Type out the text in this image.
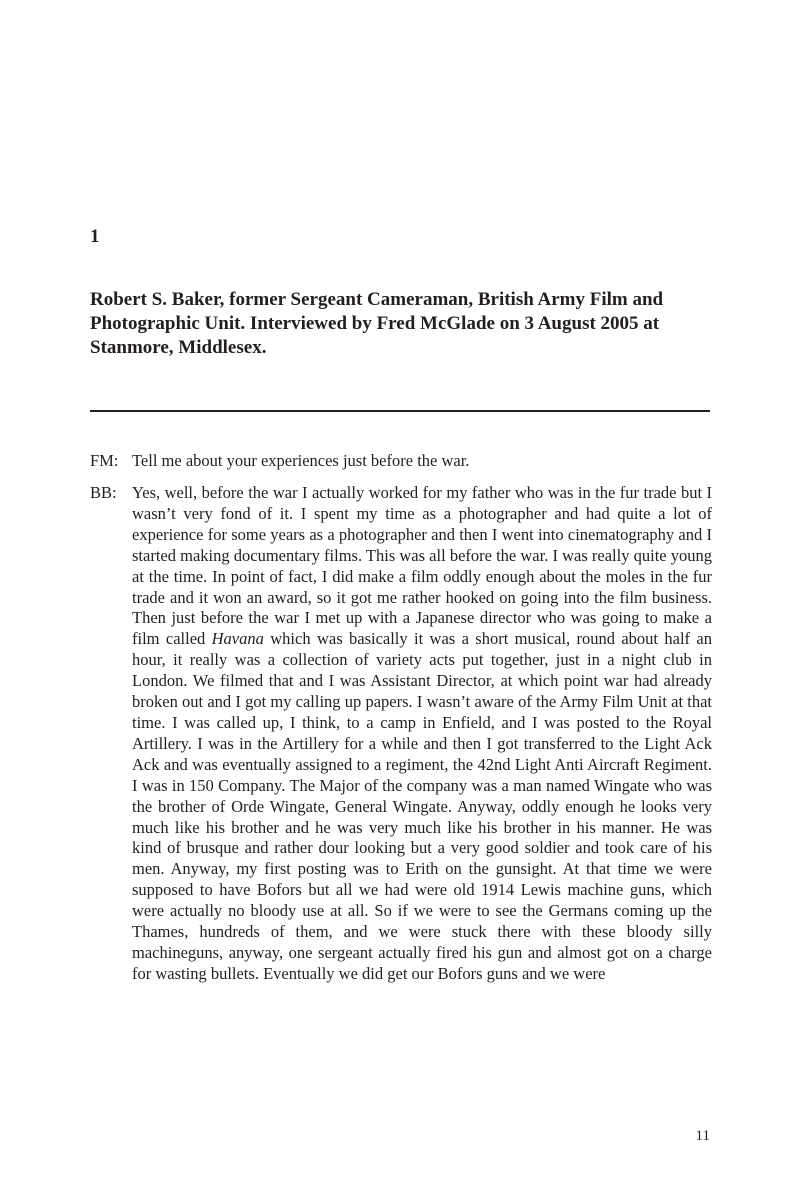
1
Robert S. Baker, former Sergeant Cameraman, British Army Film and Photographic Unit. Interviewed by Fred McGlade on 3 August 2005 at Stanmore, Middlesex.
FM: Tell me about your experiences just before the war.

BB: Yes, well, before the war I actually worked for my father who was in the fur trade but I wasn’t very fond of it. I spent my time as a photographer and had quite a lot of experience for some years as a photographer and then I went into cinematography and I started making documentary films. This was all before the war. I was really quite young at the time. In point of fact, I did make a film oddly enough about the moles in the fur trade and it won an award, so it got me rather hooked on going into the film business. Then just before the war I met up with a Japanese director who was going to make a film called Havana which was basically it was a short musical, round about half an hour, it really was a collection of variety acts put together, just in a night club in London. We filmed that and I was Assistant Director, at which point war had already broken out and I got my calling up papers. I wasn’t aware of the Army Film Unit at that time. I was called up, I think, to a camp in Enfield, and I was posted to the Royal Artillery. I was in the Artillery for a while and then I got transferred to the Light Ack Ack and was eventually assigned to a regiment, the 42nd Light Anti Aircraft Regiment. I was in 150 Company. The Major of the company was a man named Wingate who was the brother of Orde Wingate, General Wingate. Anyway, oddly enough he looks very much like his brother and he was very much like his brother in his manner. He was kind of brusque and rather dour looking but a very good soldier and took care of his men. Anyway, my first posting was to Erith on the gunsight. At that time we were supposed to have Bofors but all we had were old 1914 Lewis machine guns, which were actually no bloody use at all. So if we were to see the Germans coming up the Thames, hundreds of them, and we were stuck there with these bloody silly machineguns, anyway, one sergeant actually fired his gun and almost got on a charge for wasting bullets. Eventually we did get our Bofors guns and we were

11
